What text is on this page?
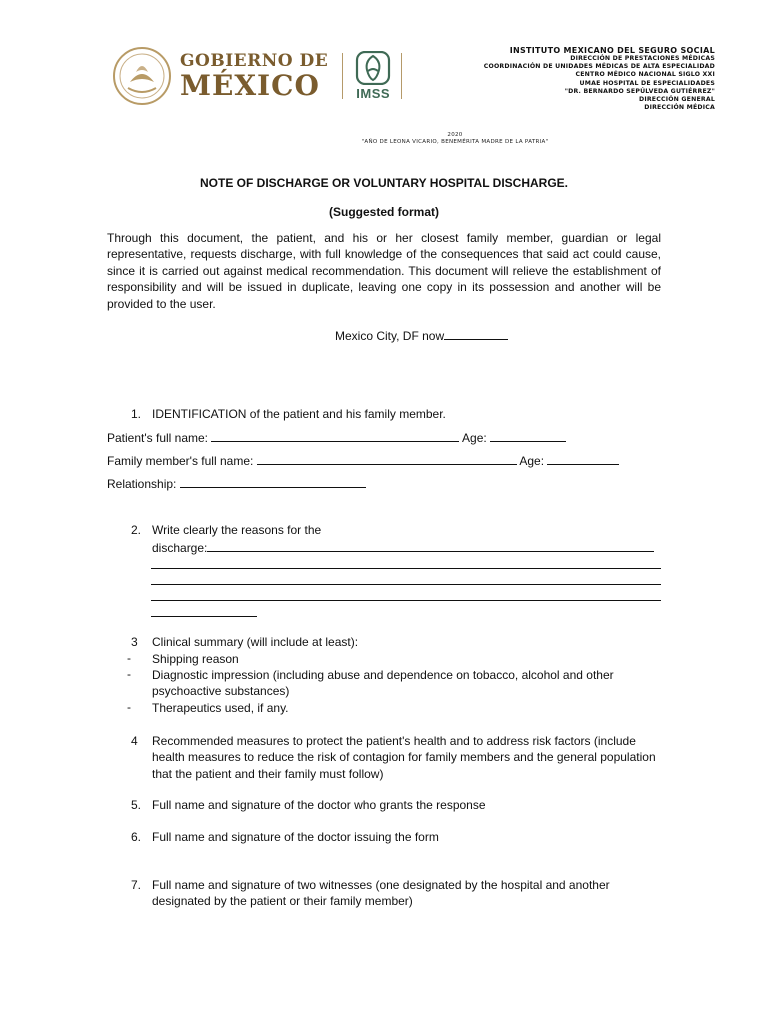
GOBIERNO DE
MÉXICO	IMSS
INSTITUTO MEXICANO DEL SEGURO SOCIAL
DIRECCIÓN DE PRESTACIONES MÉDICAS
COORDINACIÓN DE UNIDADES MÉDICAS DE ALTA ESPECIALIDAD
CENTRO MÉDICO NACIONAL SIGLO XXI
UMAE HOSPITAL DE ESPECIALIDADES
"DR. BERNARDO SEPÚLVEDA GUTIÉRREZ"
DIRECCIÓN GENERAL
DIRECCIÓN MÉDICA
2020
"AÑO DE LEONA VICARIO, BENEMÉRITA MADRE DE LA PATRIA"
NOTE OF DISCHARGE OR VOLUNTARY HOSPITAL DISCHARGE.
(Suggested format)
Through this document, the patient, and his or her closest family member, guardian or legal representative, requests discharge, with full knowledge of the consequences that said act could cause, since it is carried out against medical recommendation. This document will relieve the establishment of responsibility and will be issued in duplicate, leaving one copy in its possession and another will be provided to the user.
Mexico City, DF now
1. IDENTIFICATION of the patient and his family member.
Patient's full name:	Age:
Family member's full name:	Age:
Relationship:
2. Write clearly the reasons for the
discharge:
3 Clinical summary (will include at least):
- Shipping reason
- Diagnostic impression (including abuse and dependence on tobacco, alcohol and other psychoactive substances)
- Therapeutics used, if any.
4 Recommended measures to protect the patient's health and to address risk factors (include health measures to reduce the risk of contagion for family members and the general population that the patient and their family must follow)
5. Full name and signature of the doctor who grants the response
6. Full name and signature of the doctor issuing the form
7. Full name and signature of two witnesses (one designated by the hospital and another designated by the patient or their family member)
